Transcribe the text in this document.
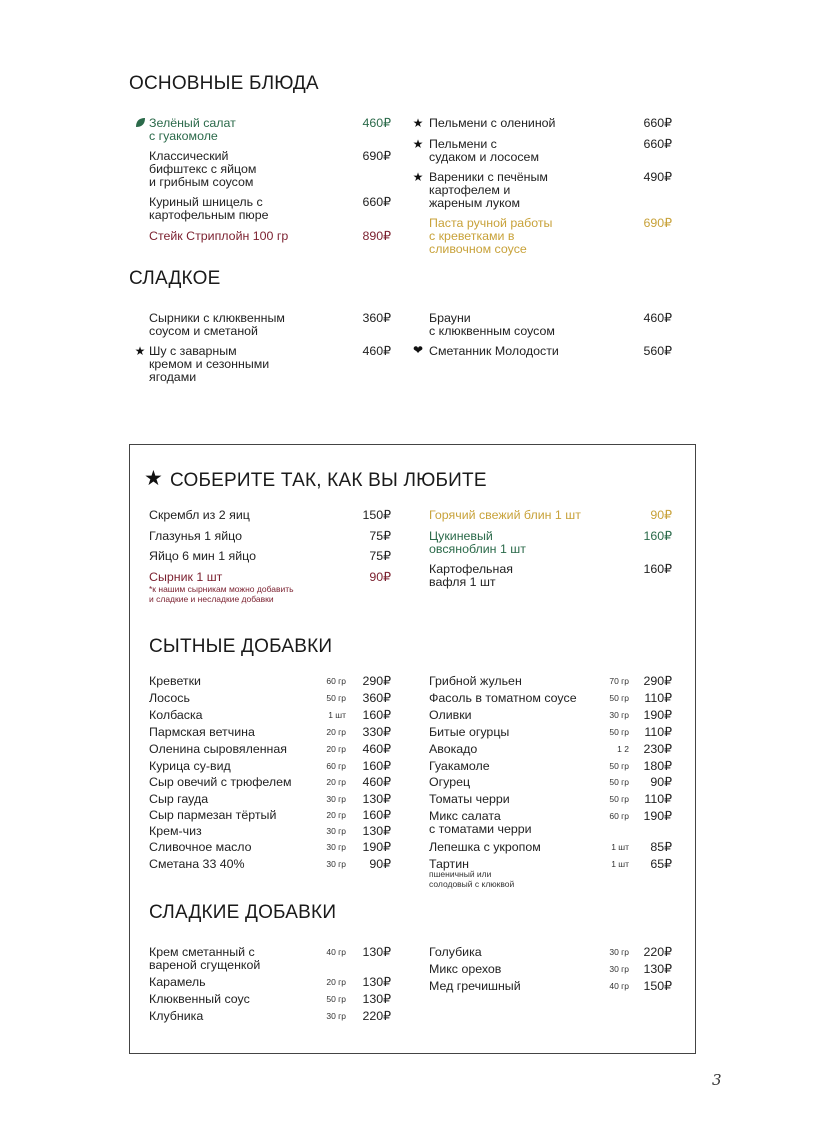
ОСНОВНЫЕ БЛЮДА
Зелёный салат
с гуакомоле
460₽
Классический
бифштекс с яйцом
и грибным соусом
690₽
Куриный шницель с
картофельным пюре
660₽
Стейк Стриплойн 100 гр	890₽
★ Пельмени с олениной	660₽
★ Пельмени с
судаком и лососем
660₽
★ Вареники с печёным
картофелем и
жареным луком
490₽
Паста ручной работы
с креветками в
сливочном соусе
690₽
СЛАДКОЕ
Сырники с клюквенным
соусом и сметаной
360₽
★ Шу с заварным
кремом и сезонными
ягодами
460₽
Брауни
с клюквенным соусом
460₽
❤ Сметанник Молодости	560₽
★ СОБЕРИТЕ ТАК, КАК ВЫ ЛЮБИТЕ
Скрембл из 2 яиц	150₽
Глазунья 1 яйцо	75₽
Яйцо 6 мин 1 яйцо	75₽
Сырник 1 шт	90₽
*к нашим сырникам можно добавить
и сладкие и несладкие добавки
Горячий свежий блин 1 шт	90₽
Цукиневый
овсяноблин 1 шт
160₽
Картофельная
вафля 1 шт
160₽
СЫТНЫЕ ДОБАВКИ
Креветки	60 гр	290₽
Лосось	50 гр	360₽
Колбаска	1 шт	160₽
Пармская ветчина	20 гр	330₽
Оленина сыровяленная	20 гр	460₽
Курица су-вид	60 гр	160₽
Сыр овечий с трюфелем	20 гр	460₽
Сыр гауда	30 гр	130₽
Сыр пармезан тёртый	20 гр	160₽
Крем-чиз	30 гр	130₽
Сливочное масло	30 гр	190₽
Сметана 33 40%	30 гр	90₽
Грибной жульен	70 гр	290₽
Фасоль в томатном соусе	50 гр	110₽
Оливки	30 гр	190₽
Битые огурцы	50 гр	110₽
Авокадо	1 2	230₽
Гуакамоле	50 гр	180₽
Огурец	50 гр	90₽
Томаты черри	50 гр	110₽
Микс салата
с томатами черри
60 гр	190₽
Лепешка с укропом	1 шт	85₽
Тартин	1 шт	65₽
пшеничный или
солодовый с клюквой
СЛАДКИЕ ДОБАВКИ
Крем сметанный с
вареной сгущенкой
40 гр	130₽
Карамель	20 гр	130₽
Клюквенный соус	50 гр	130₽
Клубника	30 гр	220₽
Голубика	30 гр	220₽
Микс орехов	30 гр	130₽
Мед гречишный	40 гр	150₽
3
